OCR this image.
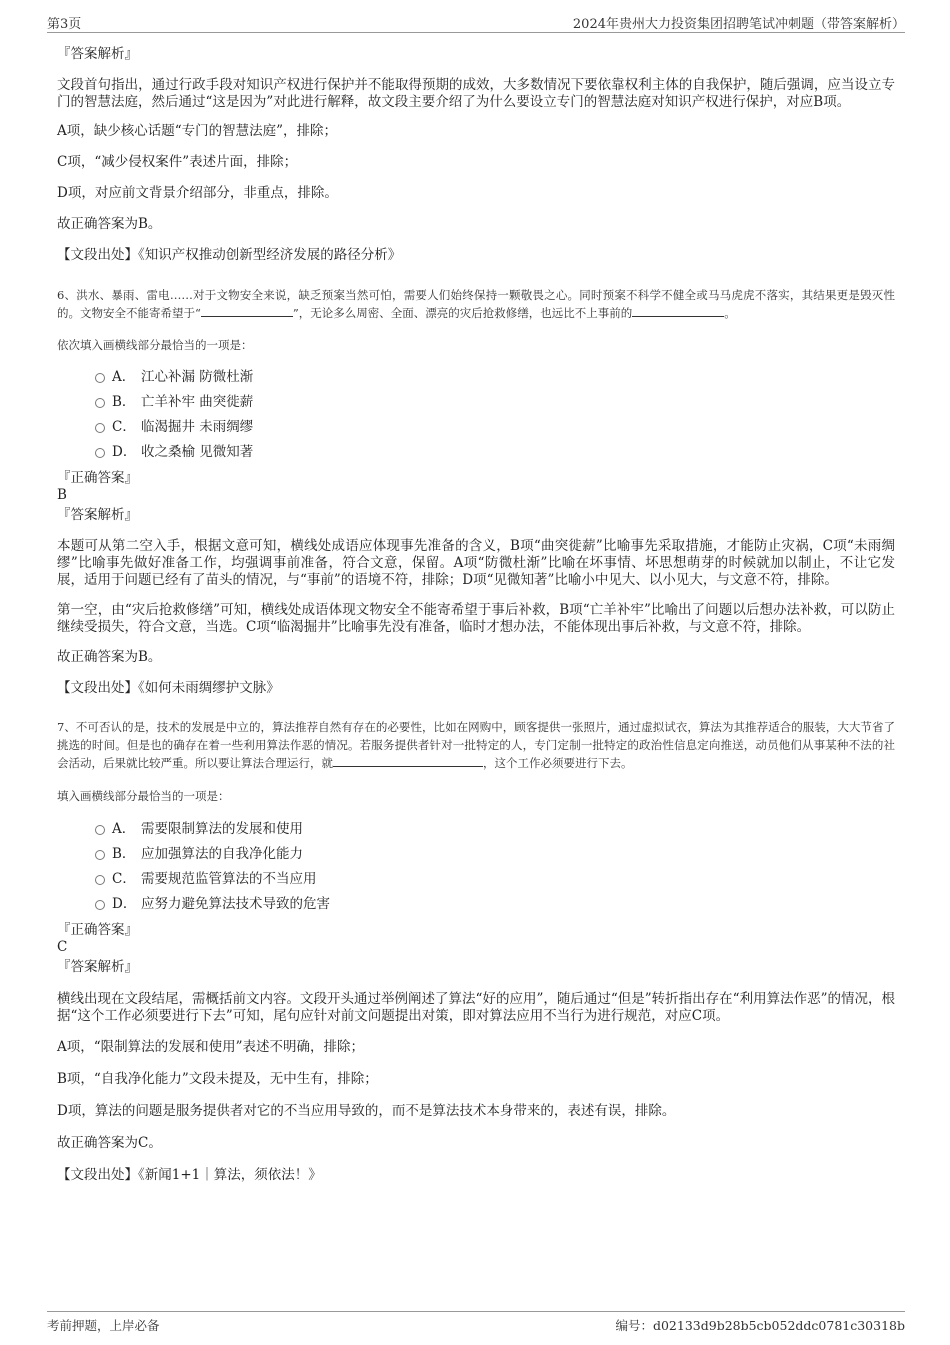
第3页	2024年贵州大力投资集团招聘笔试冲刺题（带答案解析）

『答案解析』

文段首句指出，通过行政手段对知识产权进行保护并不能取得预期的成效，大多数情况下要依靠权利主体的自我保护，随后强调，应当设立专门的智慧法庭，然后通过“这是因为”对此进行解释，故文段主要介绍了为什么要设立专门的智慧法庭对知识产权进行保护，对应B项。

A项，缺少核心话题“专门的智慧法庭”，排除；

C项，“减少侵权案件”表述片面，排除；

D项，对应前文背景介绍部分，非重点，排除。

故正确答案为B。

【文段出处】《知识产权推动创新型经济发展的路径分析》

6、洪水、暴雨、雷电……对于文物安全来说，缺乏预案当然可怕，需要人们始终保持一颗敬畏之心。同时预案不科学不健全或马马虎虎不落实，其结果更是毁灭性的。文物安全不能寄希望于“	”，无论多么周密、全面、漂亮的灾后抢救修缮，也远比不上事前的	。

依次填入画横线部分最恰当的一项是：

A． 江心补漏 防微杜渐
B． 亡羊补牢 曲突徙薪
C． 临渴掘井 未雨绸缪
D． 收之桑榆 见微知著

『正确答案』

B

『答案解析』

本题可从第二空入手，根据文意可知，横线处成语应体现事先准备的含义，B项“曲突徙薪”比喻事先采取措施，才能防止灾祸，C项“未雨绸缪”比喻事先做好准备工作，均强调事前准备，符合文意，保留。A项“防微杜渐”比喻在坏事情、坏思想萌芽的时候就加以制止，不让它发展，适用于问题已经有了苗头的情况，与“事前”的语境不符，排除；D项“见微知著”比喻小中见大、以小见大，与文意不符，排除。

第一空，由“灾后抢救修缮”可知，横线处成语体现文物安全不能寄希望于事后补救，B项“亡羊补牢”比喻出了问题以后想办法补救，可以防止继续受损失，符合文意，当选。C项“临渴掘井”比喻事先没有准备，临时才想办法，不能体现出事后补救，与文意不符，排除。

故正确答案为B。

【文段出处】《如何未雨绸缪护文脉》

7、不可否认的是，技术的发展是中立的，算法推荐自然有存在的必要性，比如在网购中，顾客提供一张照片，通过虚拟试衣，算法为其推荐适合的服装，大大节省了挑选的时间。但是也的确存在着一些利用算法作恶的情况。若服务提供者针对一批特定的人，专门定制一批特定的政治性信息定向推送，动员他们从事某种不法的社会活动，后果就比较严重。所以要让算法合理运行，就	，这个工作必须要进行下去。

填入画横线部分最恰当的一项是：

A． 需要限制算法的发展和使用
B． 应加强算法的自我净化能力
C． 需要规范监管算法的不当应用
D． 应努力避免算法技术导致的危害

『正确答案』

C

『答案解析』

横线出现在文段结尾，需概括前文内容。文段开头通过举例阐述了算法“好的应用”，随后通过“但是”转折指出存在“利用算法作恶”的情况，根据“这个工作必须要进行下去”可知，尾句应针对前文问题提出对策，即对算法应用不当行为进行规范，对应C项。

A项，“限制算法的发展和使用”表述不明确，排除；

B项，“自我净化能力”文段未提及，无中生有，排除；

D项，算法的问题是服务提供者对它的不当应用导致的，而不是算法技术本身带来的，表述有误，排除。

故正确答案为C。

【文段出处】《新闻1+1｜算法，须依法！》

考前押题，上岸必备	编号：d02133d9b28b5cb052ddc0781c30318b
